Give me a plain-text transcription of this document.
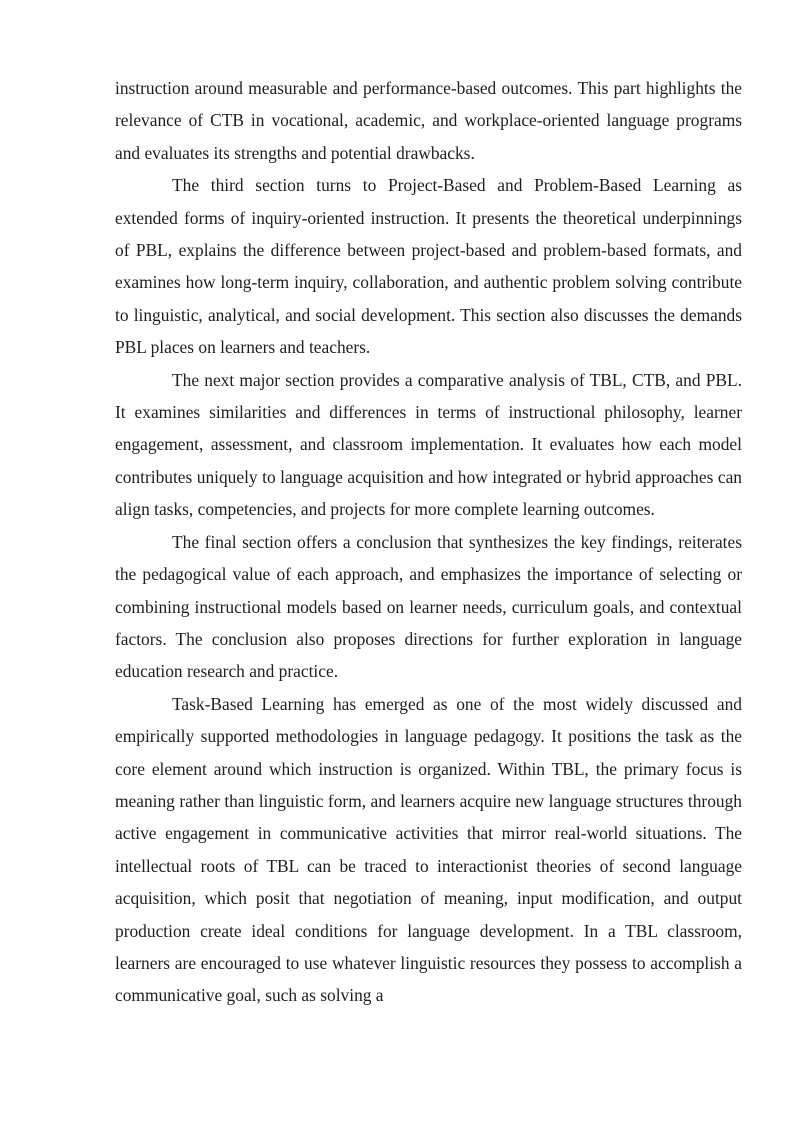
instruction around measurable and performance-based outcomes. This part highlights the relevance of CTB in vocational, academic, and workplace-oriented language programs and evaluates its strengths and potential drawbacks.

The third section turns to Project-Based and Problem-Based Learning as extended forms of inquiry-oriented instruction. It presents the theoretical underpinnings of PBL, explains the difference between project-based and problem-based formats, and examines how long-term inquiry, collaboration, and authentic problem solving contribute to linguistic, analytical, and social development. This section also discusses the demands PBL places on learners and teachers.

The next major section provides a comparative analysis of TBL, CTB, and PBL. It examines similarities and differences in terms of instructional philosophy, learner engagement, assessment, and classroom implementation. It evaluates how each model contributes uniquely to language acquisition and how integrated or hybrid approaches can align tasks, competencies, and projects for more complete learning outcomes.

The final section offers a conclusion that synthesizes the key findings, reiterates the pedagogical value of each approach, and emphasizes the importance of selecting or combining instructional models based on learner needs, curriculum goals, and contextual factors. The conclusion also proposes directions for further exploration in language education research and practice.

Task-Based Learning has emerged as one of the most widely discussed and empirically supported methodologies in language pedagogy. It positions the task as the core element around which instruction is organized. Within TBL, the primary focus is meaning rather than linguistic form, and learners acquire new language structures through active engagement in communicative activities that mirror real-world situations. The intellectual roots of TBL can be traced to interactionist theories of second language acquisition, which posit that negotiation of meaning, input modification, and output production create ideal conditions for language development. In a TBL classroom, learners are encouraged to use whatever linguistic resources they possess to accomplish a communicative goal, such as solving a
